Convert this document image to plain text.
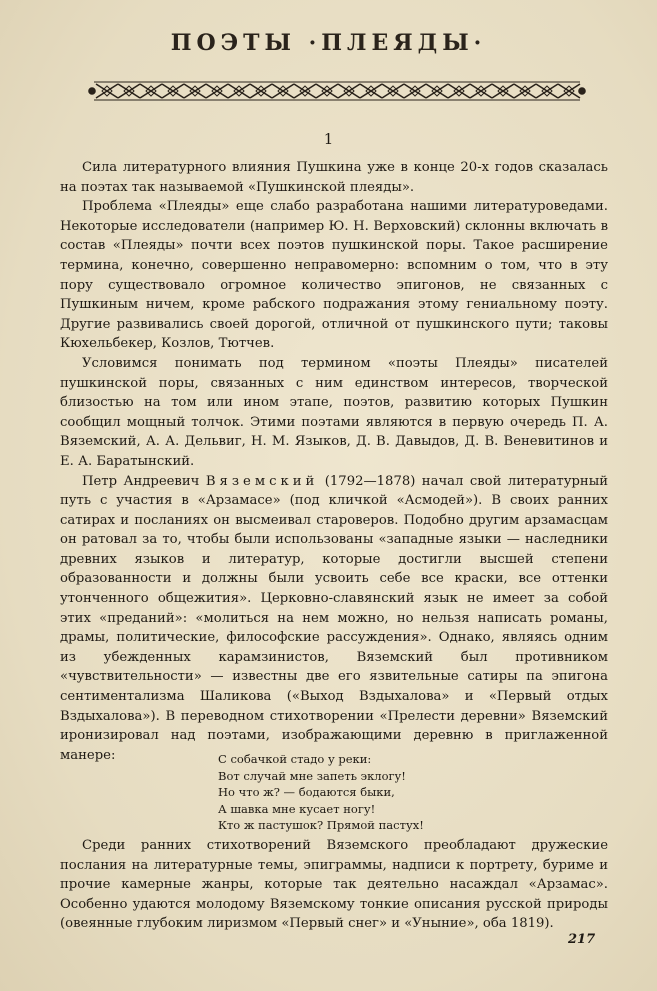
ПОЭТЫ ·ПЛЕЯДЫ·
1

Сила литературного влияния Пушкина уже в конце 20-х годов сказалась на поэтах так называемой «Пушкинской плеяды».

Проблема «Плеяды» еще слабо разработана нашими литературоведами. Некоторые исследователи (например Ю. Н. Верховский) склонны включать в состав «Плеяды» почти всех поэтов пушкинской поры. Такое расширение термина, конечно, совершенно неправомерно: вспомним о том, что в эту пору существовало огромное количество эпигонов, не связанных с Пушкиным ничем, кроме рабского подражания этому гениальному поэту. Другие развивались своей дорогой, отличной от пушкинского пути; таковы Кюхельбекер, Козлов, Тютчев.

Условимся понимать под термином «поэты Плеяды» писателей пушкинской поры, связанных с ним единством интересов, творческой близостью на том или ином этапе, поэтов, развитию которых Пушкин сообщил мощный толчок. Этими поэтами являются в первую очередь П. А. Вяземский, А. А. Дельвиг, Н. М. Языков, Д. В. Давыдов, Д. В. Веневитинов и Е. А. Баратынский.

Петр Андреевич Вяземский (1792—1878) начал свой литературный путь с участия в «Арзамасе» (под кличкой «Асмодей»). В своих ранних сатирах и посланиях он высмеивал староверов. Подобно другим арзамасцам он ратовал за то, чтобы были использованы «западные языки — наследники древних языков и литератур, которые достигли высшей степени образованности и должны были усвоить себе все краски, все оттенки утонченного общежития». Церковно-славянский язык не имеет за собой этих «преданий»: «молиться на нем можно, но нельзя написать романы, драмы, политические, философские рассуждения». Однако, являясь одним из убежденных карамзинистов, Вяземский был противником «чувствительности» — известны две его язвительные сатиры па эпигона сентиментализма Шаликова («Выход Вздыхалова» и «Первый отдых Вздыхалова»). В переводном стихотворении «Прелести деревни» Вяземский иронизировал над поэтами, изображающими деревню в приглаженной манере:	С собачкой стадо у реки:
Вот случай мне запеть эклогу!
Но что ж? — бодаются быки,
А шавка мне кусает ногу!
Кто ж пастушок? Прямой пастух!

Среди ранних стихотворений Вяземского преобладают дружеские послания на литературные темы, эпиграммы, надписи к портрету, буриме и прочие камерные жанры, которые так деятельно насаждал «Арзамас». Особенно удаются молодому Вяземскому тонкие описания русской природы (овеянные глубоким лиризмом «Первый снег» и «Уныние», оба 1819).

217
